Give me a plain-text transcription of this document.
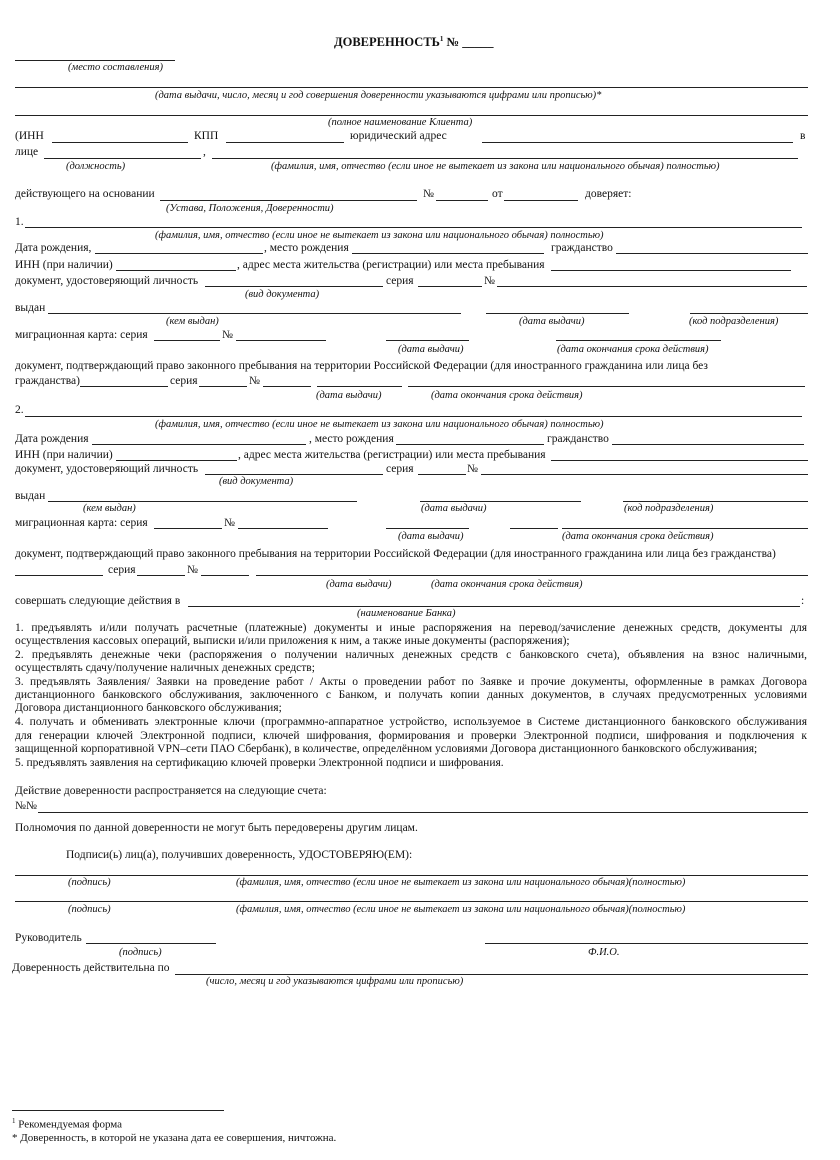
ДОВЕРЕННОСТЬ$^1$ № _____
(место составления)
(дата выдачи, число, месяц и год совершения доверенности указываются цифрами или прописью)*
(полное наименование Клиента)
(ИНН	КПП	юридический адрес	в
лице	,
(должность)	(фамилия, имя, отчество (если иное не вытекает из закона или национального обычая) полностью)
действующего на основании	№	от	доверяет:
(Устава, Положения, Доверенности)
1.
(фамилия, имя, отчество (если иное не вытекает из закона или национального обычая) полностью)
Дата рождения,	, место рождения	гражданство
ИНН (при наличии)	, адрес места жительства (регистрации) или места пребывания
документ, удостоверяющий личность	серия	№
(вид документа)
выдан
(кем выдан)	(дата выдачи)	(код подразделения)
миграционная карта: серия	№
(дата выдачи)	(дата окончания срока действия)
документ, подтверждающий право законного пребывания на территории Российской Федерации (для иностранного гражданина или лица без
гражданства)	серия	№
(дата выдачи)	(дата окончания срока действия)
2.
(фамилия, имя, отчество (если иное не вытекает из закона или национального обычая) полностью)
Дата рождения	, место рождения	гражданство
ИНН (при наличии)	, адрес места жительства (регистрации) или места пребывания
документ, удостоверяющий личность	серия	№
(вид документа)
выдан
(кем выдан)	(дата выдачи)	(код подразделения)
миграционная карта: серия	№
(дата выдачи)	(дата окончания срока действия)
документ, подтверждающий право законного пребывания на территории Российской Федерации (для иностранного гражданина или лица без гражданства)
серия	№
(дата выдачи)	(дата окончания срока действия)
совершать следующие действия в	:
(наименование Банка)
1. предъявлять и/или получать расчетные (платежные) документы и иные распоряжения на перевод/зачисление денежных средств, документы для
осуществления кассовых операций, выписки и/или приложения к ним, а также иные документы (распоряжения);
2. предъявлять денежные чеки (распоряжения о получении наличных денежных средств с банковского счета), объявления на взнос наличными,
осуществлять сдачу/получение наличных денежных средств;
3. предъявлять Заявления/ Заявки на проведение работ / Акты о проведении работ по Заявке и прочие документы, оформленные в рамках Договора
дистанционного банковского обслуживания, заключенного с Банком, и получать копии данных документов, в случаях предусмотренных условиями
Договора дистанционного банковского обслуживания;
4. получать и обменивать электронные ключи (программно-аппаратное устройство, используемое в Системе дистанционного банковского обслуживания
для генерации ключей Электронной подписи, ключей шифрования, формирования и проверки Электронной подписи, шифрования и подключения к
защищенной корпоративной VPN–сети ПАО Сбербанк), в количестве, определённом условиями Договора дистанционного банковского обслуживания;
5. предъявлять заявления на сертификацию ключей проверки Электронной подписи и шифрования.
Действие доверенности распространяется на следующие счета:
№№
Полномочия по данной доверенности не могут быть передоверены другим лицам.
Подписи(ь) лиц(а), получивших доверенность, УДОСТОВЕРЯЮ(ЕМ):
(подпись)	(фамилия, имя, отчество (если иное не вытекает из закона или национального обычая)(полностью)
(подпись)	(фамилия, имя, отчество (если иное не вытекает из закона или национального обычая)(полностью)
Руководитель
(подпись)	Ф.И.О.
Доверенность действительна по
(число, месяц и год указываются цифрами или прописью)
$^1$ Рекомендуемая форма
* Доверенность, в которой не указана дата ее совершения, ничтожна.
